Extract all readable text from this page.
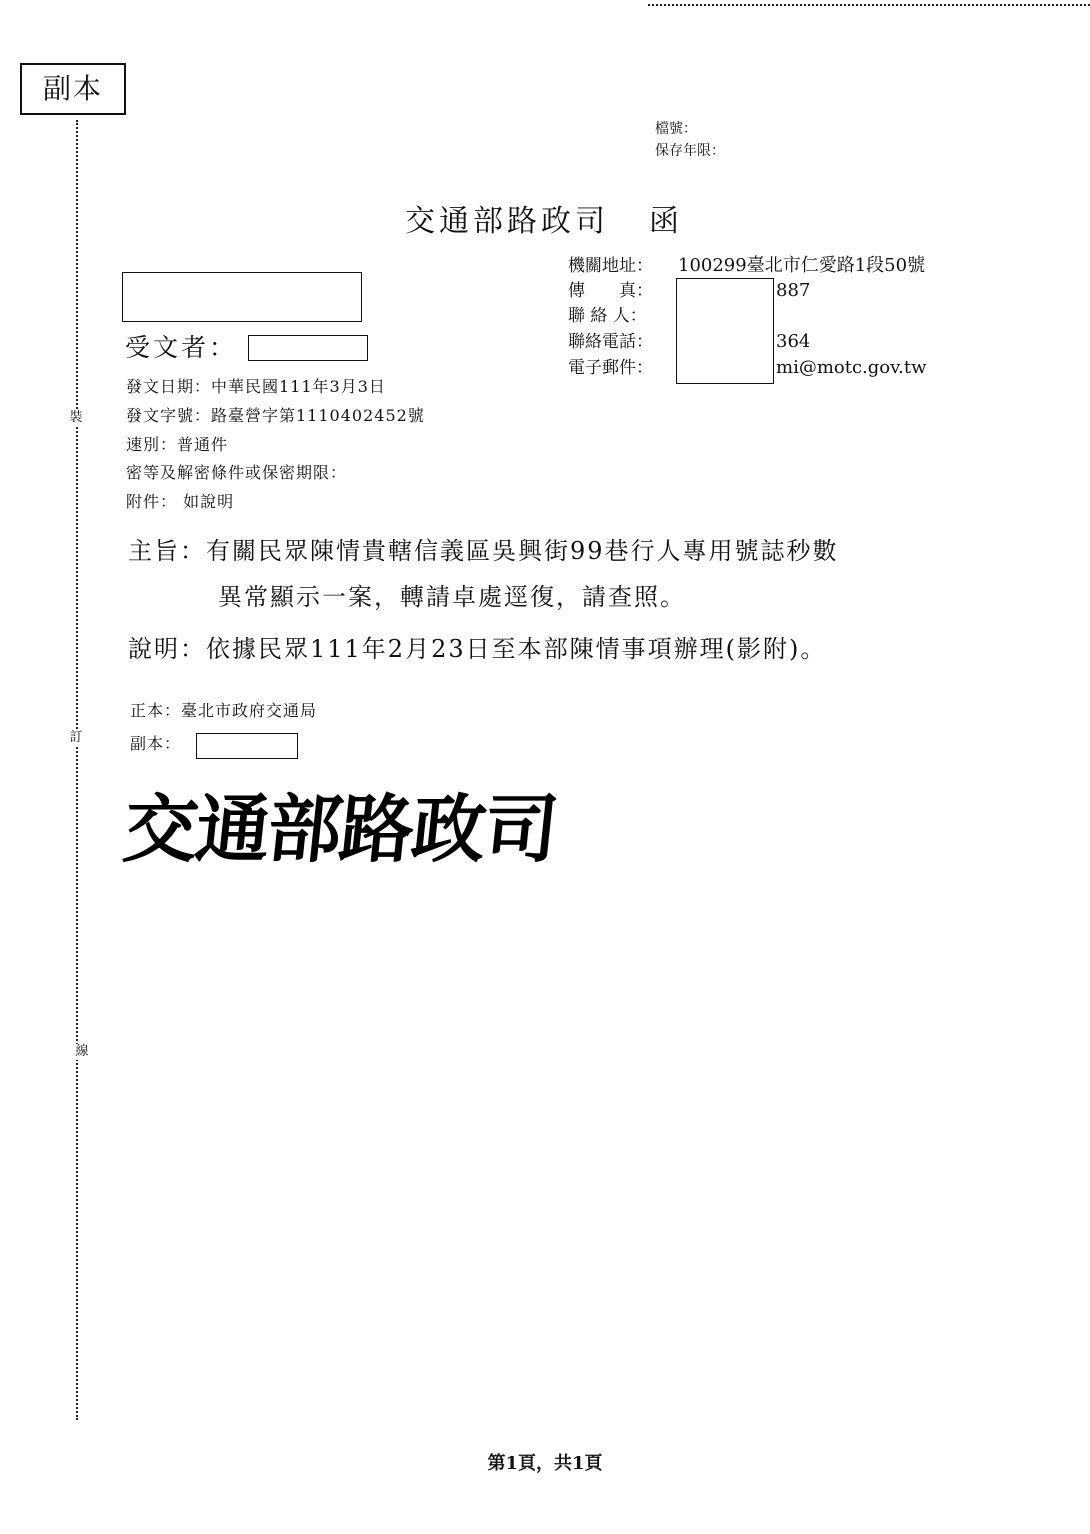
副本
裝
訂
線
檔號：
保存年限：
交通部路政司 函
機關地址：	100299臺北市仁愛路1段50號
傳　　真：	887
聯 絡 人：
聯絡電話：	364
電子郵件：	mi@motc.gov.tw
受文者：
發文日期：中華民國111年3月3日
發文字號：路臺營字第1110402452號
速別：普通件
密等及解密條件或保密期限：
附件： 如說明
主旨：有關民眾陳情貴轄信義區吳興街99巷行人專用號誌秒數
異常顯示一案，轉請卓處逕復，請查照。
說明：依據民眾111年2月23日至本部陳情事項辦理(影附)。
正本：臺北市政府交通局
副本：
交通部路政司
第1頁，共1頁
